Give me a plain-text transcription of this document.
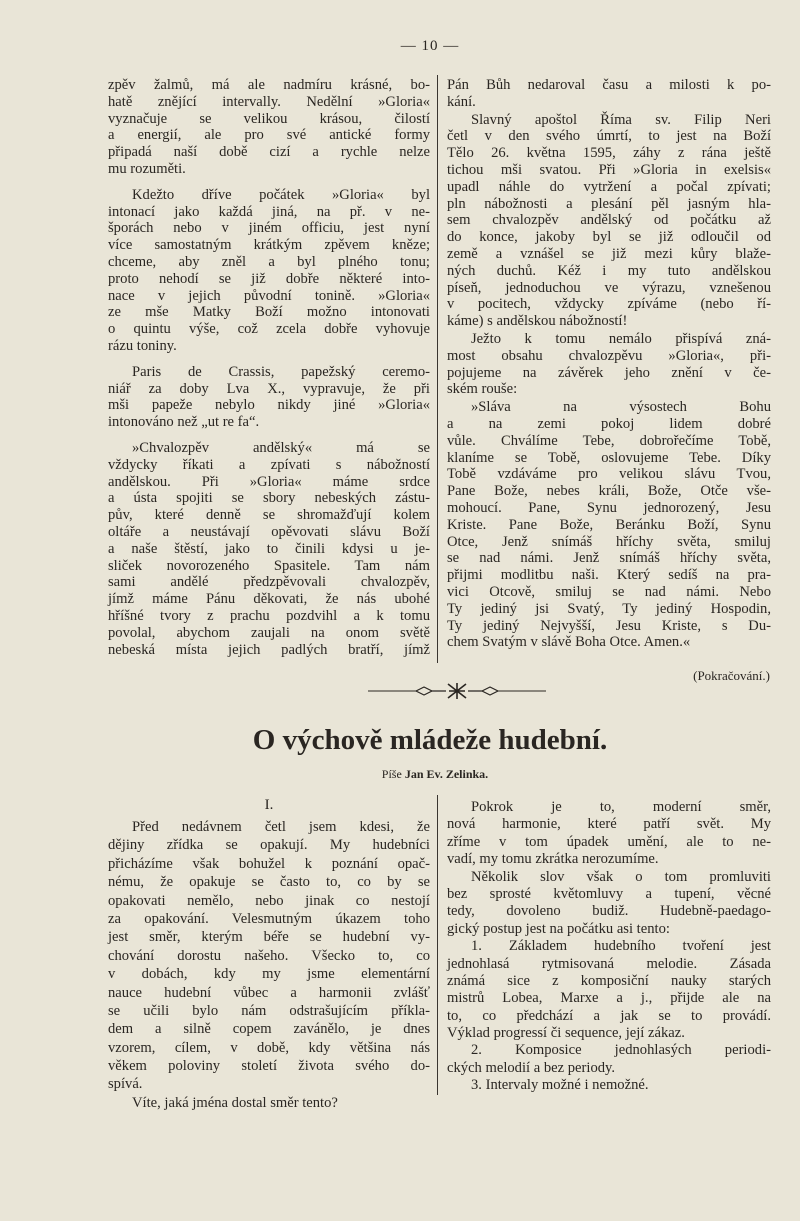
— 10 —
zpěv žalmů, má ale nadmíru krásné, bo-
hatě znějící intervally. Nedělní »Gloria«
vyznačuje se velikou krásou, čilostí
a energií, ale pro své antické formy
připadá naší době cizí a rychle nelze
mu rozuměti.
Kdežto dříve počátek »Gloria« byl
intonací jako každá jiná, na př. v ne-
šporách nebo v jiném officiu, jest nyní
více samostatným krátkým zpěvem kněze;
chceme, aby zněl a byl plného tonu;
proto nehodí se již dobře některé into-
nace v jejich původní tonině. »Gloria«
ze mše Matky Boží možno intonovati
o quintu výše, což zcela dobře vyhovuje
rázu toniny.
Paris de Crassis, papežský ceremo-
niář za doby Lva X., vypravuje, že při
mši papeže nebylo nikdy jiné »Gloria«
intonováno než „ut re fa“.
»Chvalozpěv andělský« má se
vždycky říkati a zpívati s nábožností
andělskou. Při »Gloria« máme srdce
a ústa spojiti se sbory nebeských zástu-
pův, které denně se shromažďují kolem
oltáře a neustávají opěvovati slávu Boží
a naše štěstí, jako to činili kdysi u je-
sliček novorozeného Spasitele. Tam nám
sami andělé předzpěvovali chvalozpěv,
jímž máme Pánu děkovati, že nás ubohé
hříšné tvory z prachu pozdvihl a k tomu
povolal, abychom zaujali na onom světě
nebeská místa jejich padlých bratří, jímž
Pán Bůh nedaroval času a milosti k po-
kání.
Slavný apoštol Říma sv. Filip Neri
četl v den svého úmrtí, to jest na Boží
Tělo 26. května 1595, záhy z rána ještě
tichou mši svatou. Při »Gloria in exelsis«
upadl náhle do vytržení a počal zpívati;
pln nábožnosti a plesání pěl jasným hla-
sem chvalozpěv andělský od počátku až
do konce, jakoby byl se již odloučil od
země a vznášel se již mezi kůry blaže-
ných duchů. Kéž i my tuto andělskou
píseň, jednoduchou ve výrazu, vznešenou
v pocitech, vždycky zpíváme (nebo ří-
káme) s andělskou nábožností!
Ježto k tomu nemálo přispívá zná-
most obsahu chvalozpěvu »Gloria«, při-
pojujeme na závěrek jeho znění v če-
ském rouše:
»Sláva na výsostech Bohu
a na zemi pokoj lidem dobré
vůle. Chválíme Tebe, dobrořečíme Tobě,
klaníme se Tobě, oslovujeme Tebe. Díky
Tobě vzdáváme pro velikou slávu Tvou,
Pane Bože, nebes králi, Bože, Otče vše-
mohoucí. Pane, Synu jednorozený, Jesu
Kriste. Pane Bože, Beránku Boží, Synu
Otce, Jenž snímáš hříchy světa, smiluj
se nad námi. Jenž snímáš hříchy světa,
přijmi modlitbu naši. Který sedíš na pra-
vici Otcově, smiluj se nad námi. Nebo
Ty jediný jsi Svatý, Ty jediný Hospodin,
Ty jediný Nejvyšší, Jesu Kriste, s Du-
chem Svatým v slávě Boha Otce. Amen.«
(Pokračování.)
O výchově mládeže hudební.
Píše Jan Ev. Zelinka.
I.
Před nedávnem četl jsem kdesi, že
dějiny zřídka se opakují. My hudebníci
přicházíme však bohužel k poznání opač-
nému, že opakuje se často to, co by se
opakovati nemělo, nebo jinak co nestojí
za opakování. Velesmutným úkazem toho
jest směr, kterým béře se hudební vy-
chování dorostu našeho. Všecko to, co
v dobách, kdy my jsme elementární
nauce hudební vůbec a harmonii zvlášť
se učili bylo nám odstrašujícím příkla-
dem a silně copem zavánělo, je dnes
vzorem, cílem, v době, kdy většina nás
věkem poloviny století života svého do-
spívá.
Víte, jaká jména dostal směr tento?
Pokrok je to, moderní směr,
nová harmonie, které patří svět. My
zříme v tom úpadek umění, ale to ne-
vadí, my tomu zkrátka nerozumíme.
Několik slov však o tom promluviti
bez sprosté květomluvy a tupení, věcné
tedy, dovoleno budiž. Hudebně-paedago-
gický postup jest na počátku asi tento:
1. Základem hudebního tvoření jest
jednohlasá rytmisovaná melodie. Zásada
známá sice z komposiční nauky starých
mistrů Lobea, Marxe a j., přijde ale na
to, co předchází a jak se to provádí.
Výklad progressí či sequence, její zákaz.
2. Komposice jednohlasých periodi-
ckých melodií a bez periody.
3. Intervaly možné i nemožné.
